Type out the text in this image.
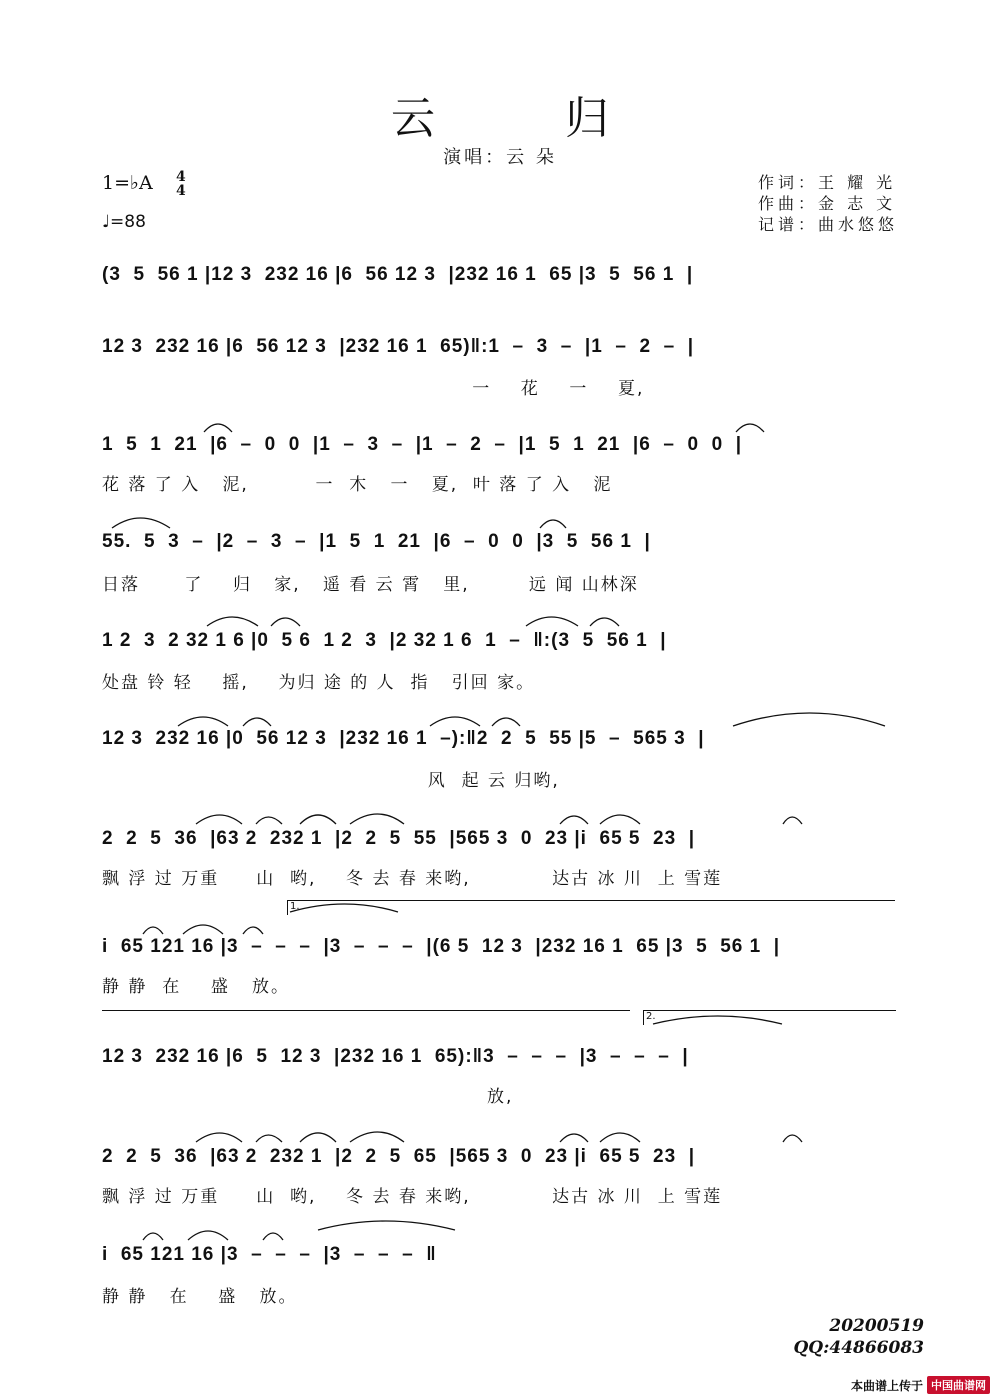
云 归
演唱：云 朵
1=♭A 4
4
♩=88
作词：王 耀 光
作曲：金 志 文
记谱：曲水悠悠
(3  5  56 1 |12 3  232 16 |6  56 12 3  |232 16 1  65 |3  5  56 1  |
12 3  232 16 |6  56 12 3  |232 16 1  65)‖:1  –  3  –  |1  –  2  –  |
一    花    一    夏,
1  5  1  21  |6  –  0  0  |1  –  3  –  |1  –  2  –  |1  5  1  21  |6  –  0  0  |
花 落 了 入   泥,         一  木   一   夏,  叶 落 了 入   泥
55.  5  3  –  |2  –  3  –  |1  5  1  21  |6  –  0  0  |3  5  56 1  |
日落      了    归   家,   遥 看 云 霄   里,        远 闻 山林深
1 2  3  2 32 1 6 |0  5 6  1 2  3  |2 32 1 6  1  –  ‖:(3  5  56 1  |
处盘 铃 轻    摇,    为归 途 的 人  指   引回 家。
12 3  232 16 |0  56 12 3  |232 16 1  –):‖2  2  5  55 |5  –  565 3  |
风  起 云 归哟,
2  2  5  36  |63 2  232 1  |2  2  5  55  |565 3  0  23 |i  65 5  23  |
飘 浮 过 万重     山  哟,    冬 去 春 来哟,           达古 冰 川  上 雪莲
1.
i  65 121 16 |3  –  –  –  |3  –  –  –  |(6 5  12 3  |232 16 1  65 |3  5  56 1  |
静 静  在    盛   放。
2.
12 3  232 16 |6  5  12 3  |232 16 1  65):‖3  –  –  –  |3  –  –  –  |
放,
2  2  5  36  |63 2  232 1  |2  2  5  65  |565 3  0  23 |i  65 5  23  |
飘 浮 过 万重     山  哟,    冬 去 春 来哟,           达古 冰 川  上 雪莲
i  65 121 16 |3  –  –  –  |3  –  –  –  ‖
静 静   在    盛   放。
20200519
QQ:44866083
本曲谱上传于 中国曲谱网
